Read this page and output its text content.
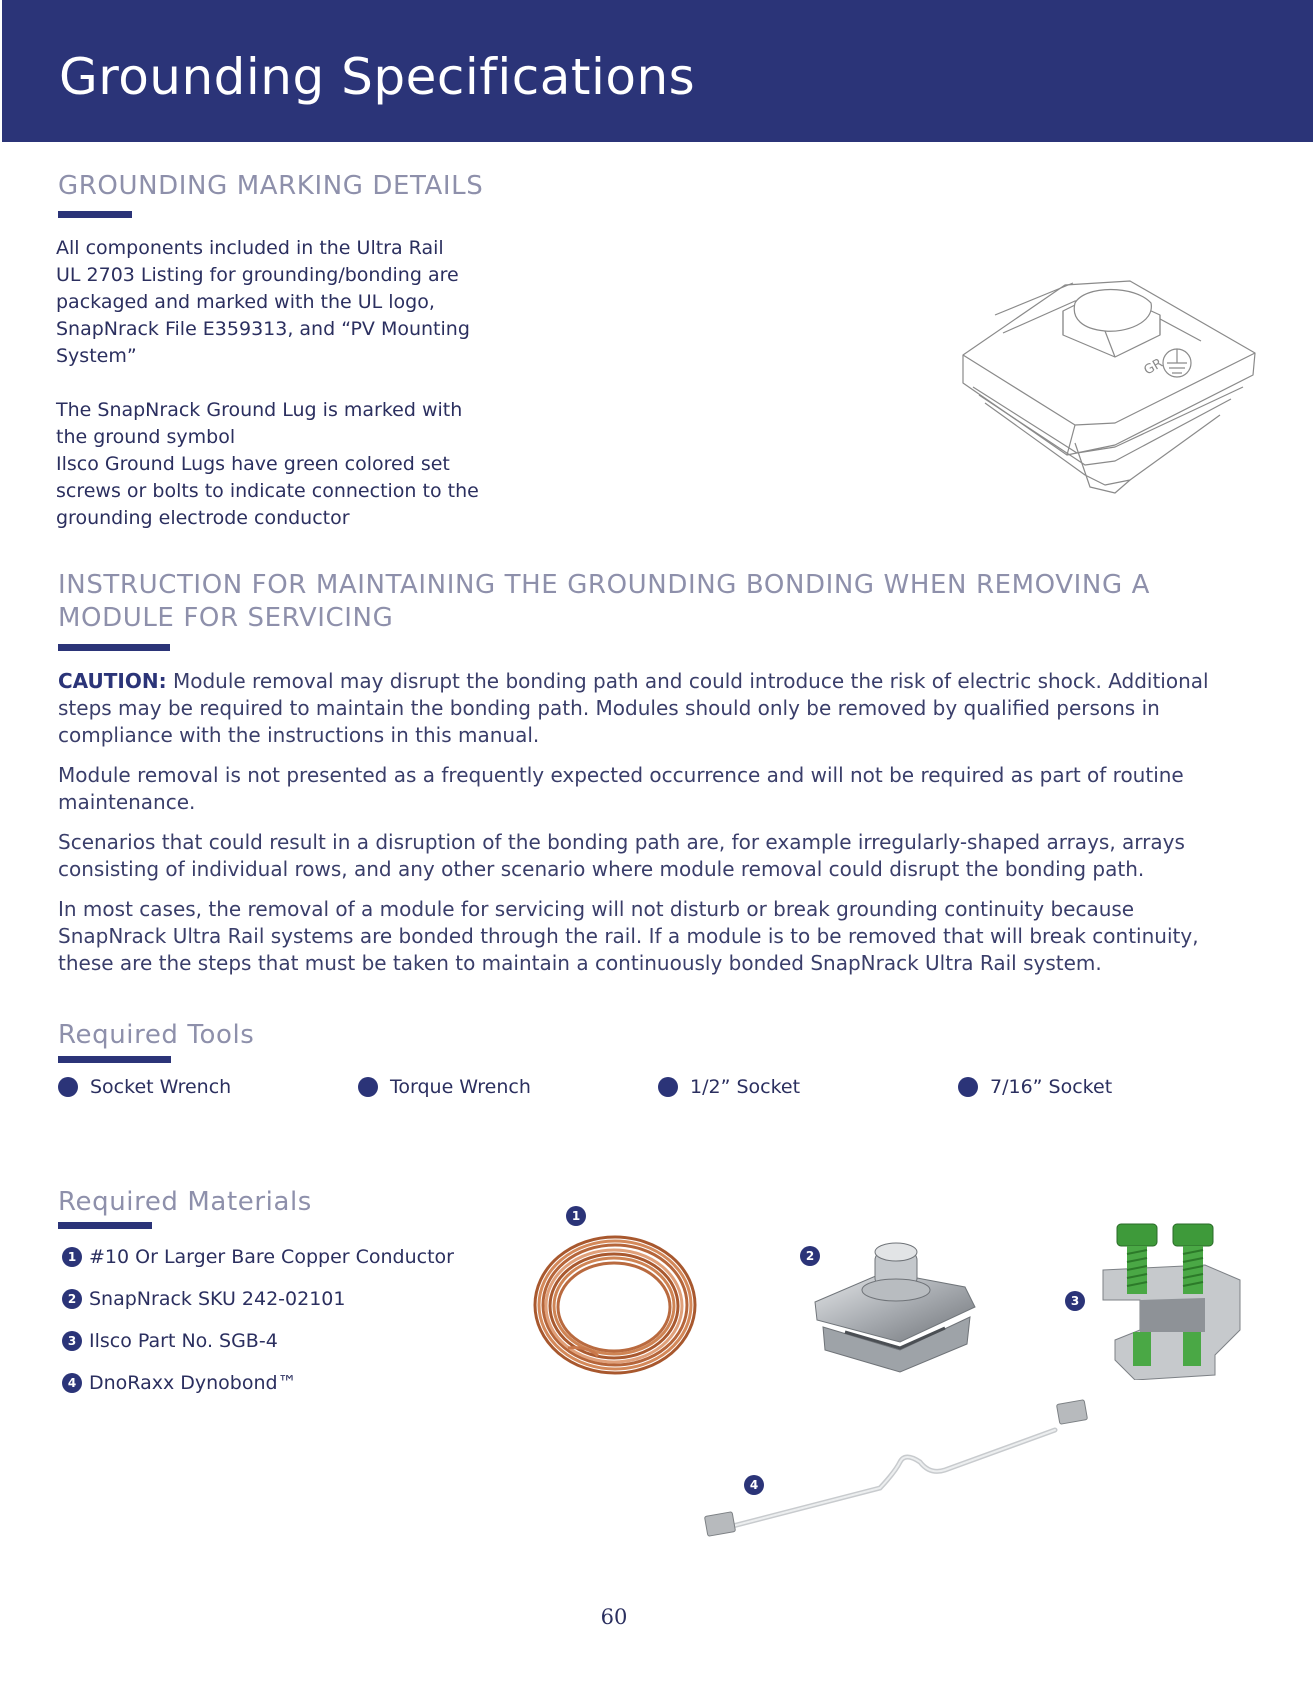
Grounding Specifications
GROUNDING MARKING DETAILS

All components included in the Ultra Rail

UL 2703 Listing for grounding/bonding are

packaged and marked with the UL logo,

SnapNrack File E359313, and “PV Mounting

System”

The SnapNrack Ground Lug is marked with

the ground symbol

Ilsco Ground Lugs have green colored set

screws or bolts to indicate connection to the

grounding electrode conductor

GR
INSTRUCTION FOR MAINTAINING THE GROUNDING BONDING WHEN REMOVING A
MODULE FOR SERVICING

CAUTION: Module removal may disrupt the bonding path and could introduce the risk of electric shock. Additional
steps may be required to maintain the bonding path. Modules should only be removed by qualified persons in
compliance with the instructions in this manual.

Module removal is not presented as a frequently expected occurrence and will not be required as part of routine
maintenance.

Scenarios that could result in a disruption of the bonding path are, for example irregularly-shaped arrays, arrays
consisting of individual rows, and any other scenario where module removal could disrupt the bonding path.

In most cases, the removal of a module for servicing will not disturb or break grounding continuity because
SnapNrack Ultra Rail systems are bonded through the rail. If a module is to be removed that will break continuity,
these are the steps that must be taken to maintain a continuously bonded SnapNrack Ultra Rail system.

Required Tools
Socket Wrench	Torque Wrench	1/2” Socket	7/16” Socket
Required Materials
1 #10 Or Larger Bare Copper Conductor
2 SnapNrack SKU 242-02101
3 Ilsco Part No. SGB-4
4 DnoRaxx Dynobond™
1
2
3
4
60
